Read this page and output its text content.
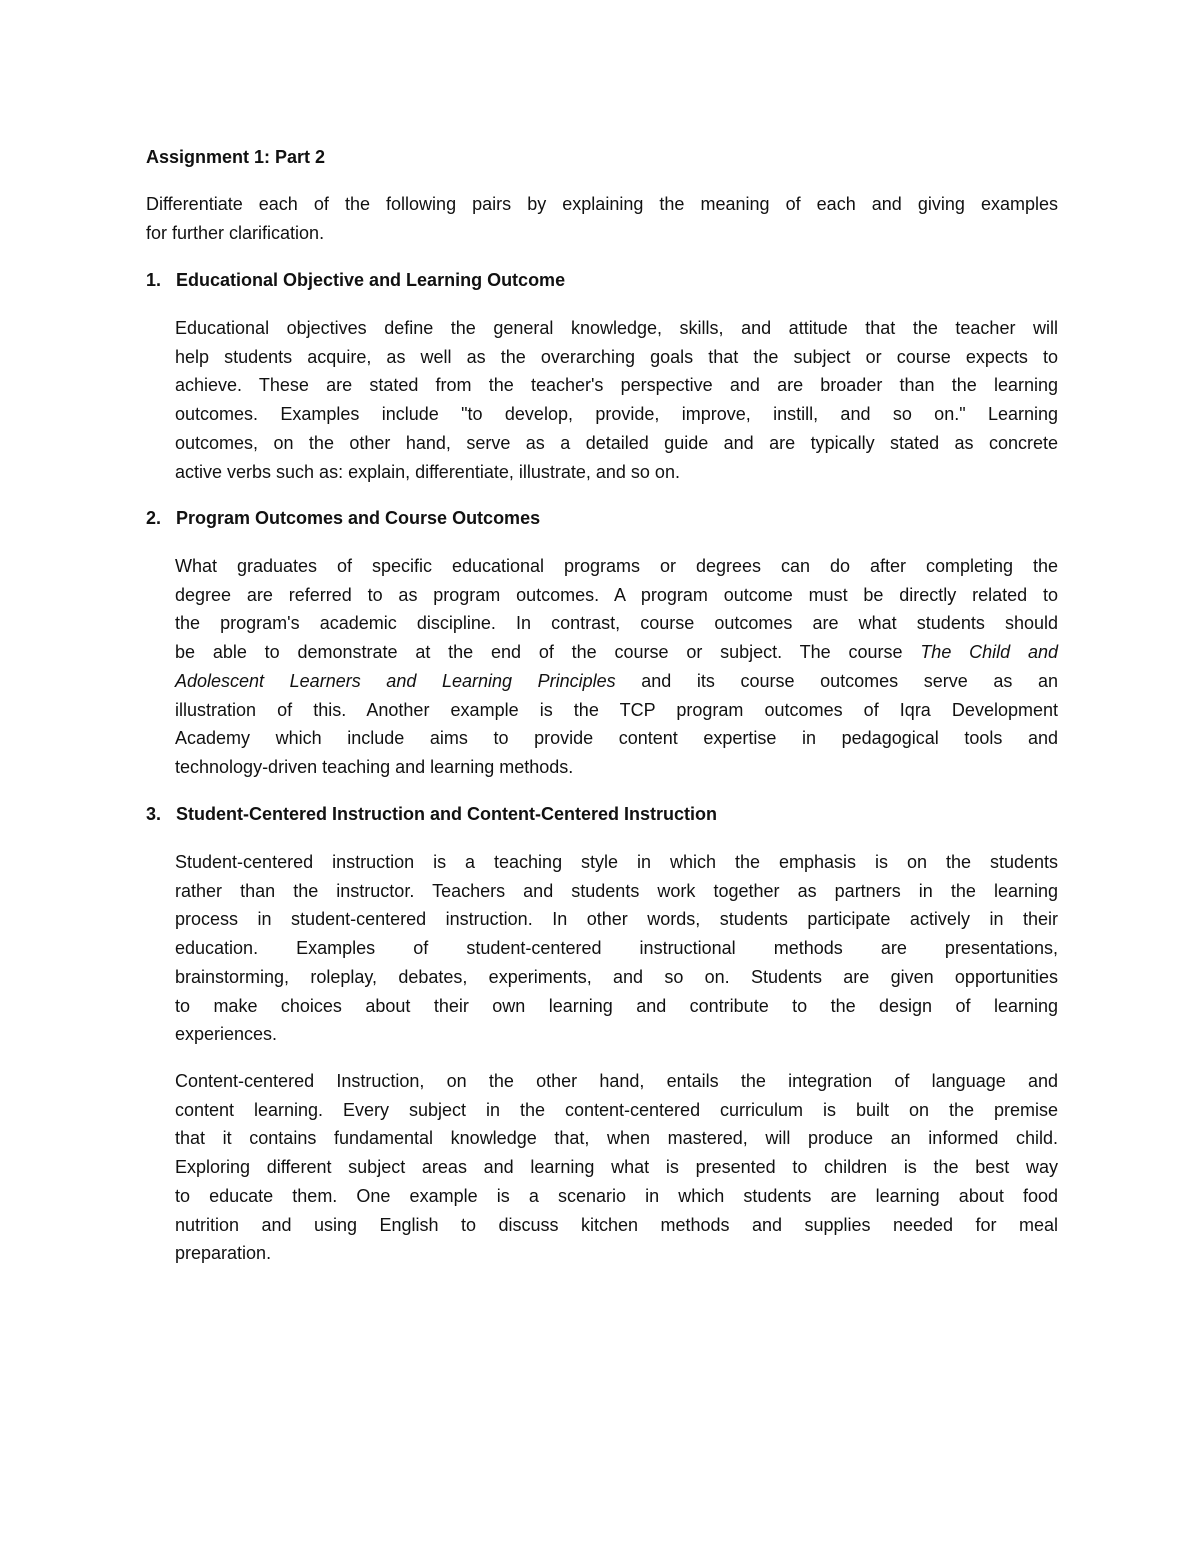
Assignment 1: Part 2
Differentiate each of the following pairs by explaining the meaning of each and giving examples
for further clarification.
1. Educational Objective and Learning Outcome
Educational objectives define the general knowledge, skills, and attitude that the teacher will
help students acquire, as well as the overarching goals that the subject or course expects to
achieve. These are stated from the teacher's perspective and are broader than the learning
outcomes. Examples include "to develop, provide, improve, instill, and so on." Learning
outcomes, on the other hand, serve as a detailed guide and are typically stated as concrete
active verbs such as: explain, differentiate, illustrate, and so on.
2. Program Outcomes and Course Outcomes
What graduates of specific educational programs or degrees can do after completing the
degree are referred to as program outcomes. A program outcome must be directly related to
the program's academic discipline. In contrast, course outcomes are what students should
be able to demonstrate at the end of the course or subject. The course The Child and
Adolescent Learners and Learning Principles and its course outcomes serve as an
illustration of this. Another example is the TCP program outcomes of Iqra Development
Academy which include aims to provide content expertise in pedagogical tools and
technology-driven teaching and learning methods.
3. Student-Centered Instruction and Content-Centered Instruction
Student-centered instruction is a teaching style in which the emphasis is on the students
rather than the instructor. Teachers and students work together as partners in the learning
process in student-centered instruction. In other words, students participate actively in their
education. Examples of student-centered instructional methods are presentations,
brainstorming, roleplay, debates, experiments, and so on. Students are given opportunities
to make choices about their own learning and contribute to the design of learning
experiences.
Content-centered Instruction, on the other hand, entails the integration of language and
content learning. Every subject in the content-centered curriculum is built on the premise
that it contains fundamental knowledge that, when mastered, will produce an informed child.
Exploring different subject areas and learning what is presented to children is the best way
to educate them. One example is a scenario in which students are learning about food
nutrition and using English to discuss kitchen methods and supplies needed for meal
preparation.
